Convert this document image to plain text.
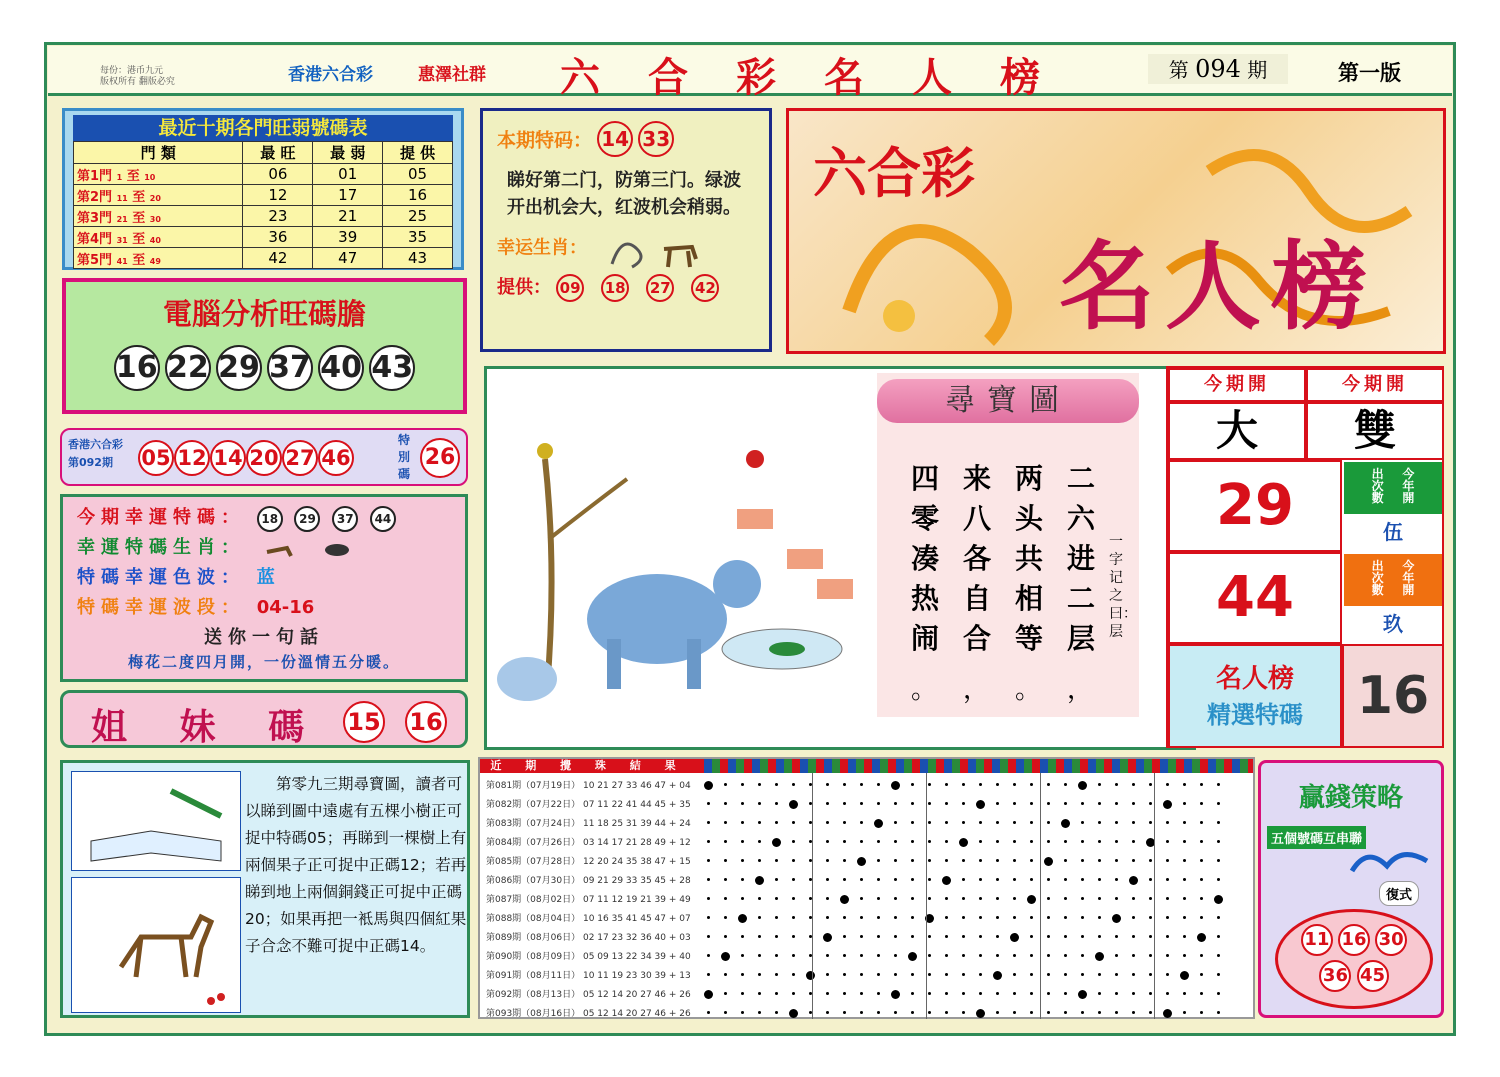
每份：港币九元
版权所有 翻版必究	香港六合彩	惠澤社群 六合彩名人榜	第 094 期	第一版
最近十期各門旺弱號碼表
門 類	最 旺	最 弱	提 供
第1門 1 至 10	06	01	05
第2門 11 至 20	12	17	16
第3門 21 至 30	23	21	25
第4門 31 至 40	36	39	35
第5門 41 至 49	42	47	43
本期特码： 14 33
睇好第二门，防第三门。绿波开出机会大，红波机会稍弱。
幸运生肖：
提供： 09 18 27 42
六合彩
名人榜
電腦分析旺碼膽
16 22 29 37 40 43
香港六合彩
第092期	05 12 14 20 27 46
特別碼
26
今期幸運特碼： 18 29 37 44
幸運特碼生肖：
特碼幸運色波： 蓝
特碼幸運波段： 04-16
送你一句話
梅花二度四月開，一份溫情五分暖。
姐 妹 碼 15 16
尋寶圖
二六进二层
两头共相等
来八各自合
四零凑热闹
，
。
，
。
一字记之曰：层
今期開	今期開
大	雙
29	出次數    今年開
伍
44	出次數    今年開
玖
名人榜
精選特碼	16
第零九三期尋寶圖，讀者可以睇到圖中遠處有五棵小樹正可捉中特碼05；再睇到一棵樹上有兩個果子正可捉中正碼12；若再睇到地上兩個銅錢正可捉中正碼20；如果再把一袛馬與四個紅果子合念不難可捉中正碼14。
近 期 攪 珠 結 果
第081期（07月19日） 10 21 27 33 46 47 + 04
第082期（07月22日） 07 11 22 41 44 45 + 35
第083期（07月24日） 11 18 25 31 39 44 + 24
第084期（07月26日） 03 14 17 21 28 49 + 12
第085期（07月28日） 12 20 24 35 38 47 + 15
第086期（07月30日） 09 21 29 33 35 45 + 28
第087期（08月02日） 07 11 12 19 21 39 + 49
第088期（08月04日） 10 16 35 41 45 47 + 07
第089期（08月06日） 02 17 23 32 36 40 + 03
第090期（08月09日） 05 09 13 22 34 39 + 40
第091期（08月11日） 10 11 19 23 30 39 + 13
第092期（08月13日） 05 12 14 20 27 46 + 26
第093期（08月16日） 05 12 14 20 27 46 + 26
贏錢策略
五個號碼互串聯
復式
11 16 30
36 45
